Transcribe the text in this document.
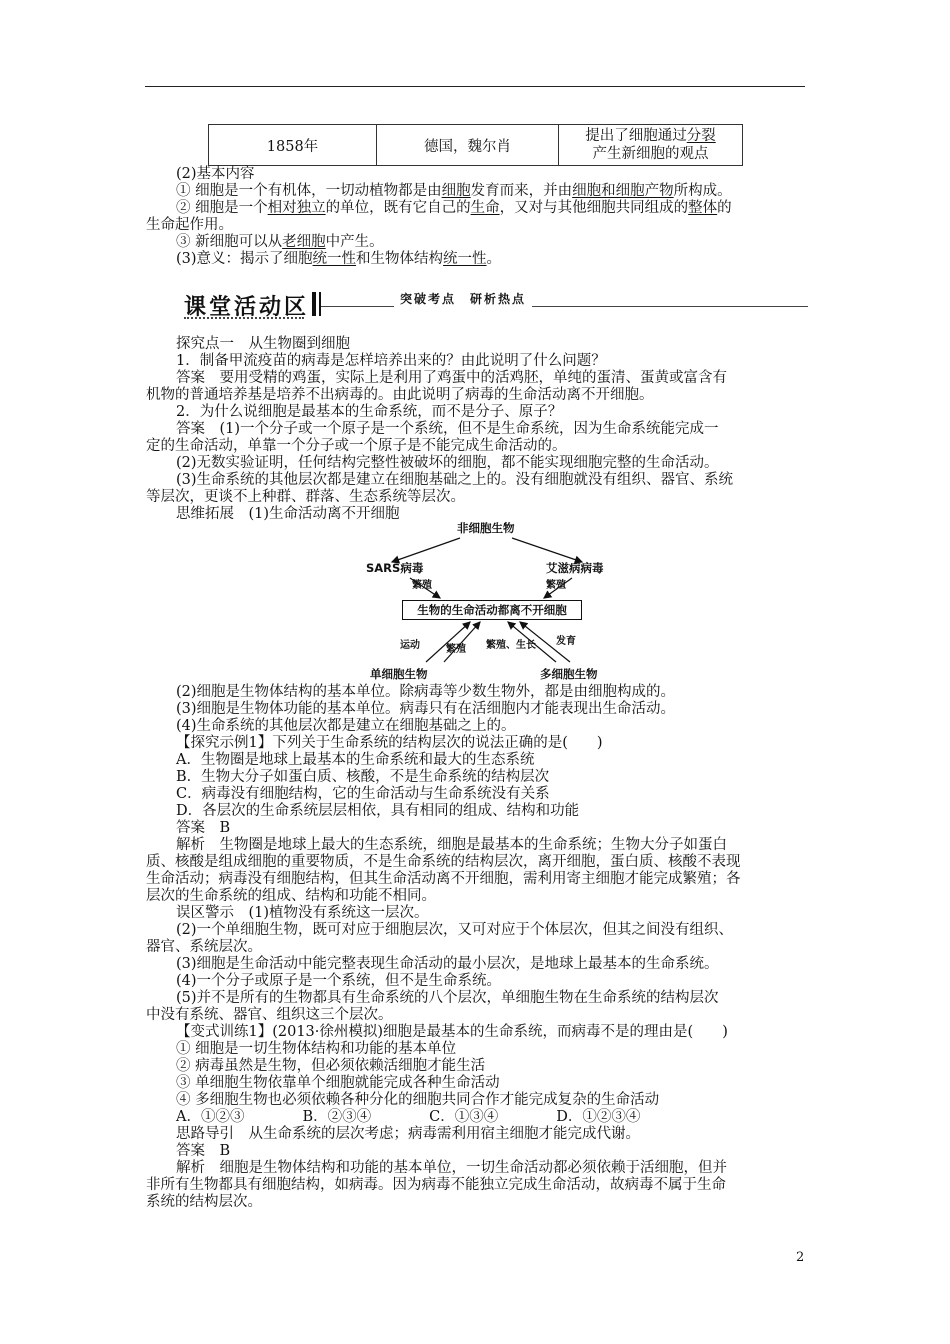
1858年	德国，魏尔肖	提出了细胞通过分裂
产生新细胞的观点

(2)基本内容

① 细胞是一个有机体，一切动植物都是由细胞发育而来，并由细胞和细胞产物所构成。

② 细胞是一个相对独立的单位，既有它自己的生命，又对与其他细胞共同组成的整体的

生命起作用。

③ 新细胞可以从老细胞中产生。

(3)意义：揭示了细胞统一性和生物体结构统一性。

课堂活动区	突破考点　研析热点

探究点一　从生物圈到细胞

1．制备甲流疫苗的病毒是怎样培养出来的？由此说明了什么问题？

答案　要用受精的鸡蛋，实际上是利用了鸡蛋中的活鸡胚，单纯的蛋清、蛋黄或富含有

机物的普通培养基是培养不出病毒的。由此说明了病毒的生命活动离不开细胞。

2．为什么说细胞是最基本的生命系统，而不是分子、原子？

答案　(1)一个分子或一个原子是一个系统，但不是生命系统，因为生命系统能完成一

定的生命活动，单靠一个分子或一个原子是不能完成生命活动的。

(2)无数实验证明，任何结构完整性被破坏的细胞，都不能实现细胞完整的生命活动。

(3)生命系统的其他层次都是建立在细胞基础之上的。没有细胞就没有组织、器官、系统

等层次，更谈不上种群、群落、生态系统等层次。

思维拓展　(1)生命活动离不开细胞

非细胞生物
SARS病毒	艾滋病病毒
繁殖	繁殖
生物的生命活动都离不开细胞
运动	繁殖 繁殖、生长 发育
单细胞生物	多细胞生物

(2)细胞是生物体结构的基本单位。除病毒等少数生物外，都是由细胞构成的。

(3)细胞是生物体功能的基本单位。病毒只有在活细胞内才能表现出生命活动。

(4)生命系统的其他层次都是建立在细胞基础之上的。

【探究示例1】下列关于生命系统的结构层次的说法正确的是(　　)

A．生物圈是地球上最基本的生命系统和最大的生态系统

B．生物大分子如蛋白质、核酸，不是生命系统的结构层次

C．病毒没有细胞结构，它的生命活动与生命系统没有关系

D．各层次的生命系统层层相依，具有相同的组成、结构和功能

答案　B

解析　生物圈是地球上最大的生态系统，细胞是最基本的生命系统；生物大分子如蛋白

质、核酸是组成细胞的重要物质，不是生命系统的结构层次，离开细胞，蛋白质、核酸不表现

生命活动；病毒没有细胞结构，但其生命活动离不开细胞，需利用寄主细胞才能完成繁殖；各

层次的生命系统的组成、结构和功能不相同。

误区警示　(1)植物没有系统这一层次。

(2)一个单细胞生物，既可对应于细胞层次，又可对应于个体层次，但其之间没有组织、

器官、系统层次。

(3)细胞是生命活动中能完整表现生命活动的最小层次，是地球上最基本的生命系统。

(4)一个分子或原子是一个系统，但不是生命系统。

(5)并不是所有的生物都具有生命系统的八个层次，单细胞生物在生命系统的结构层次

中没有系统、器官、组织这三个层次。

【变式训练1】(2013·徐州模拟)细胞是最基本的生命系统，而病毒不是的理由是(　　)

① 细胞是一切生物体结构和功能的基本单位

② 病毒虽然是生物，但必须依赖活细胞才能生活

③ 单细胞生物依靠单个细胞就能完成各种生命活动

④ 多细胞生物也必须依赖各种分化的细胞共同合作才能完成复杂的生命活动

A．①②③　　　　B．②③④　　　　C．①③④　　　　D．①②③④

思路导引　从生命系统的层次考虑；病毒需利用宿主细胞才能完成代谢。

答案　B

解析　细胞是生物体结构和功能的基本单位，一切生命活动都必须依赖于活细胞，但并

非所有生物都具有细胞结构，如病毒。因为病毒不能独立完成生命活动，故病毒不属于生命

系统的结构层次。

2
